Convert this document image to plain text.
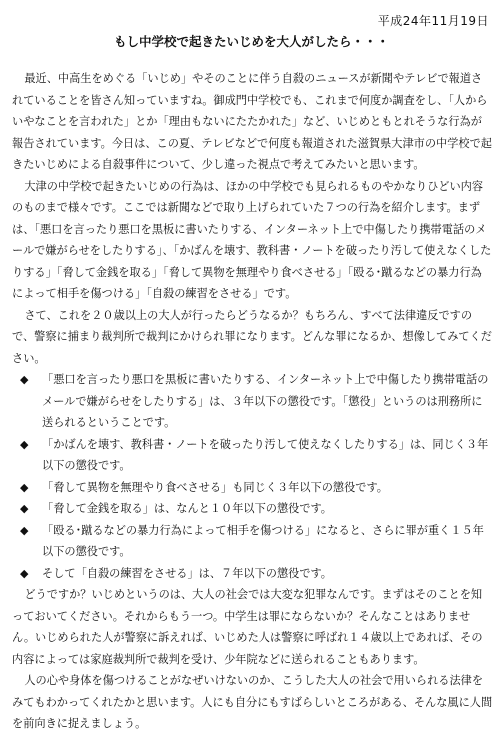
平成24年11月19日
もし中学校で起きたいじめを大人がしたら・・・

最近、中高生をめぐる「いじめ」やそのことに伴う自殺のニュースが新聞やテレビで報道されていることを皆さん知っていますね。御成門中学校でも、これまで何度か調査をし、「人からいやなことを言われた」とか「理由もないにたたかれた」など、いじめともとれそうな行為が報告されています。今日は、この夏、テレビなどで何度も報道された滋賀県大津市の中学校で起きたいじめによる自殺事件について、少し違った視点で考えてみたいと思います。

大津の中学校で起きたいじめの行為は、ほかの中学校でも見られるものやかなりひどい内容のものまで様々です。ここでは新聞などで取り上げられていた７つの行為を紹介します。まずは、「悪口を言ったり悪口を黒板に書いたりする、インターネット上で中傷したり携帯電話のメールで嫌がらせをしたりする」、「かばんを壊す、教科書・ノートを破ったり汚して使えなくしたりする」「脅して金銭を取る」「脅して異物を無理やり食べさせる」「殴る･蹴るなどの暴力行為によって相手を傷つける」「自殺の練習をさせる」です。

さて、これを２０歳以上の大人が行ったらどうなるか？もちろん、すべて法律違反ですので、警察に捕まり裁判所で裁判にかけられ罪になります。どんな罪になるか、想像してみてください。

◆ 「悪口を言ったり悪口を黒板に書いたりする、インターネット上で中傷したり携帯電話のメールで嫌がらせをしたりする」は、３年以下の懲役です。「懲役」というのは刑務所に送られるということです。
◆ 「かばんを壊す、教科書・ノートを破ったり汚して使えなくしたりする」は、同じく３年以下の懲役です。
◆ 「脅して異物を無理やり食べさせる」も同じく３年以下の懲役です。
◆ 「脅して金銭を取る」は、なんと１０年以下の懲役です。
◆ 「殴る･蹴るなどの暴力行為によって相手を傷つける」になると、さらに罪が重く１５年以下の懲役です。
◆ そして「自殺の練習をさせる」は、７年以下の懲役です。

どうですか？いじめというのは、大人の社会では大変な犯罪なんです。まずはそのことを知っておいてください。それからもう一つ。中学生は罪にならないか？そんなことはありません。いじめられた人が警察に訴えれば、いじめた人は警察に呼ばれ１４歳以上であれば、その内容によっては家庭裁判所で裁判を受け、少年院などに送られることもあります。

人の心や身体を傷つけることがなぜいけないのか、こうした大人の社会で用いられる法律をみてもわかってくれたかと思います。人にも自分にもすばらしいところがある、そんな風に人間を前向きに捉えましょう。
